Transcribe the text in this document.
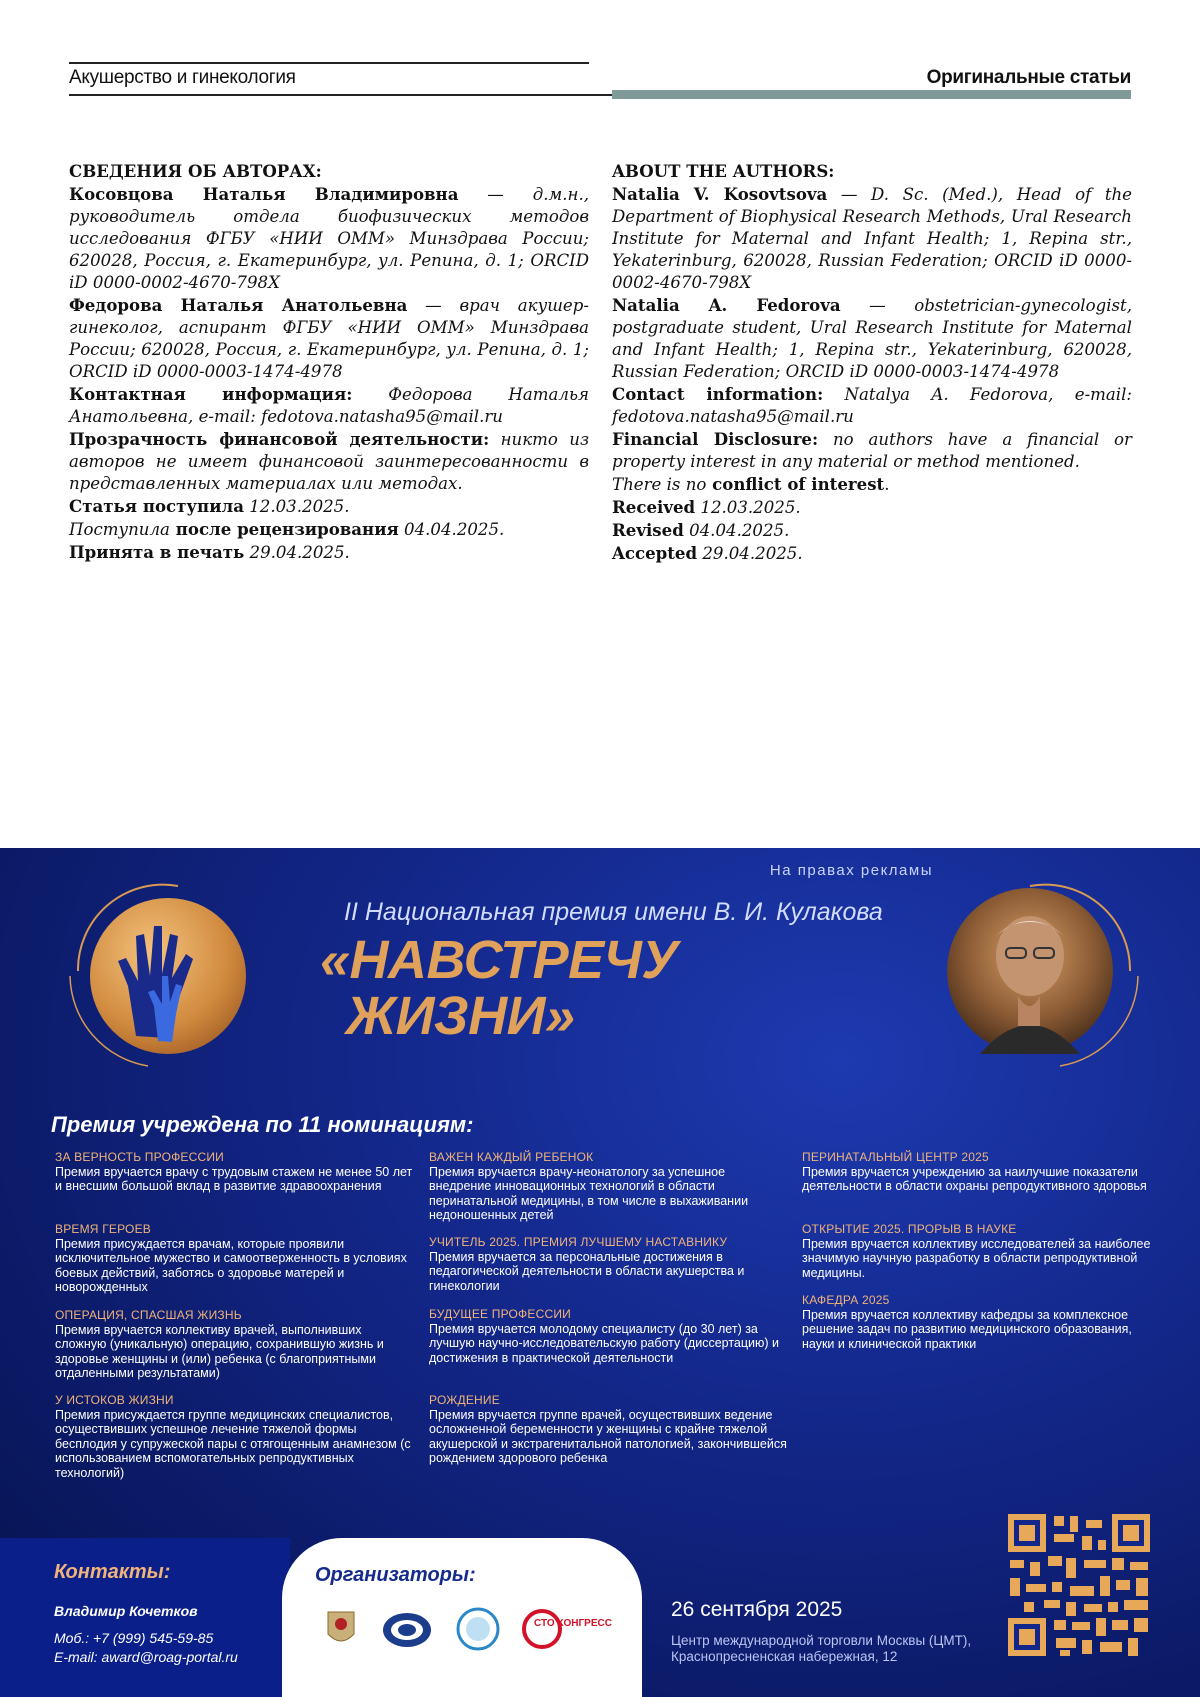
Акушерство и гинекология	Оригинальные статьи

СВЕДЕНИЯ ОБ АВТОРАХ:

Косовцова Наталья Владимировна — д.м.н., руководитель отдела биофизических методов исследования ФГБУ «НИИ ОММ» Минздрава России; 620028, Россия, г. Екатеринбург, ул. Репина, д. 1; ORCID iD 0000-0002-4670-798X

Федорова Наталья Анатольевна — врач акушер-гинеколог, аспирант ФГБУ «НИИ ОММ» Минздрава России; 620028, Россия, г. Екатеринбург, ул. Репина, д. 1; ORCID iD 0000-0003-1474-4978

Контактная информация: Федорова Наталья Анатольевна, e-mail: fedotova.natasha95@mail.ru

Прозрачность финансовой деятельности: никто из авторов не имеет финансовой заинтересованности в представленных материалах или методах.

Статья поступила 12.03.2025.

Поступила после рецензирования 04.04.2025.

Принята в печать 29.04.2025.

ABOUT THE AUTHORS:

Natalia V. Kosovtsova — D. Sc. (Med.), Head of the Department of Biophysical Research Methods, Ural Research Institute for Maternal and Infant Health; 1, Repina str., Yekaterinburg, 620028, Russian Federation; ORCID iD 0000-0002-4670-798X

Natalia A. Fedorova — obstetrician-gynecologist, postgraduate student, Ural Research Institute for Maternal and Infant Health; 1, Repina str., Yekaterinburg, 620028, Russian Federation; ORCID iD 0000-0003-1474-4978

Contact information: Natalya A. Fedorova, e-mail: fedotova.natasha95@mail.ru

Financial Disclosure: no authors have a financial or property interest in any material or method mentioned.

There is no conflict of interest.

Received 12.03.2025.

Revised 04.04.2025.

Accepted 29.04.2025.

На правах рекламы
II Национальная премия имени В. И. Кулакова
«НАВСТРЕЧУ
ЖИЗНИ»
Премия учреждена по 11 номинациям:
ЗА ВЕРНОСТЬ ПРОФЕССИИ
Премия вручается врачу с трудовым стажем не менее 50 лет и внесшим большой вклад в развитие здравоохранения
ВРЕМЯ ГЕРОЕВ
Премия присуждается врачам, которые проявили исключительное мужество и самоотверженность в условиях боевых действий, заботясь о здоровье матерей и новорожденных
ОПЕРАЦИЯ, СПАСШАЯ ЖИЗНЬ
Премия вручается коллективу врачей, выполнивших сложную (уникальную) операцию, сохранившую жизнь и здоровье женщины и (или) ребенка (с благоприятными отдаленными результатами)
У ИСТОКОВ ЖИЗНИ
Премия присуждается группе медицинских специалистов, осуществивших успешное лечение тяжелой формы бесплодия у супружеской пары с отягощенным анамнезом (с использованием вспомогательных репродуктивных технологий)
ВАЖЕН КАЖДЫЙ РЕБЕНОК
Премия вручается врачу-неонатологу за успешное внедрение инновационных технологий в области перинатальной медицины, в том числе в выхаживании недоношенных детей
УЧИТЕЛЬ 2025. ПРЕМИЯ ЛУЧШЕМУ НАСТАВНИКУ
Премия вручается за персональные достижения в педагогической деятельности в области акушерства и гинекологии
БУДУЩЕЕ ПРОФЕССИИ
Премия вручается молодому специалисту (до 30 лет) за лучшую научно-исследовательскую работу (диссертацию) и достижения в практической деятельности
РОЖДЕНИЕ
Премия вручается группе врачей, осуществивших ведение осложненной беременности у женщины с крайне тяжелой акушерской и экстрагенитальной патологией, закончившейся рождением здорового ребенка
ПЕРИНАТАЛЬНЫЙ ЦЕНТР 2025
Премия вручается учреждению за наилучшие показатели деятельности в области охраны репродуктивного здоровья
ОТКРЫТИЕ 2025. ПРОРЫВ В НАУКЕ
Премия вручается коллективу исследователей за наиболее значимую научную разработку в области репродуктивной медицины.
КАФЕДРА 2025
Премия вручается коллективу кафедры за комплексное решение задач по развитию медицинского образования, науки и клинической практики
Контакты:
Владимир Кочетков
Моб.: +7 (999) 545-59-85
E-mail: award@roag-portal.ru
Организаторы:
СТО КОНГРЕСС
26 сентября 2025
Центр международной торговли Москвы (ЦМТ), Краснопресненская набережная, 12
